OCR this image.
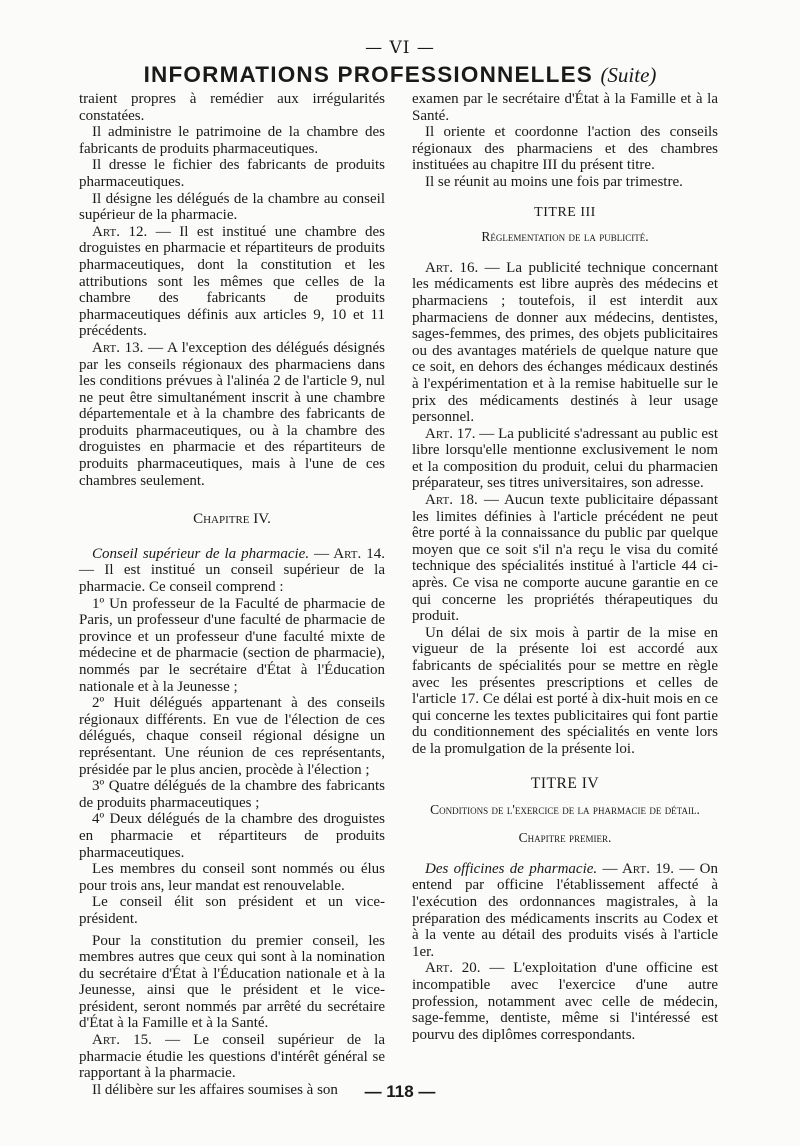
— VI —
INFORMATIONS PROFESSIONNELLES (Suite)

traient propres à remédier aux irrégularités constatées.

Il administre le patrimoine de la chambre des fabricants de produits pharmaceutiques.

Il dresse le fichier des fabricants de produits pharmaceutiques.

Il désigne les délégués de la chambre au conseil supérieur de la pharmacie.

Art. 12. — Il est institué une chambre des droguistes en pharmacie et répartiteurs de produits pharmaceutiques, dont la constitution et les attributions sont les mêmes que celles de la chambre des fabricants de produits pharmaceutiques définis aux articles 9, 10 et 11 précédents.

Art. 13. — A l'exception des délégués désignés par les conseils régionaux des pharmaciens dans les conditions prévues à l'alinéa 2 de l'article 9, nul ne peut être simultanément inscrit à une chambre départementale et à la chambre des fabricants de produits pharmaceutiques, ou à la chambre des droguistes en pharmacie et des répartiteurs de produits pharmaceutiques, mais à l'une de ces chambres seulement.

Chapitre IV.

Conseil supérieur de la pharmacie. — Art. 14. — Il est institué un conseil supérieur de la pharmacie. Ce conseil comprend :

1º Un professeur de la Faculté de pharmacie de Paris, un professeur d'une faculté de pharmacie de province et un professeur d'une faculté mixte de médecine et de pharmacie (section de pharmacie), nommés par le secrétaire d'État à l'Éducation nationale et à la Jeunesse ;

2º Huit délégués appartenant à des conseils régionaux différents. En vue de l'élection de ces délégués, chaque conseil régional désigne un représentant. Une réunion de ces représentants, présidée par le plus ancien, procède à l'élection ;

3º Quatre délégués de la chambre des fabricants de produits pharmaceutiques ;

4º Deux délégués de la chambre des droguistes en pharmacie et répartiteurs de produits pharmaceutiques.

Les membres du conseil sont nommés ou élus pour trois ans, leur mandat est renouvelable.

Le conseil élit son président et un vice-président.

Pour la constitution du premier conseil, les membres autres que ceux qui sont à la nomination du secrétaire d'État à l'Éducation nationale et à la Jeunesse, ainsi que le président et le vice-président, seront nommés par arrêté du secrétaire d'État à la Famille et à la Santé.

Art. 15. — Le conseil supérieur de la pharmacie étudie les questions d'intérêt général se rapportant à la pharmacie.

Il délibère sur les affaires soumises à son

examen par le secrétaire d'État à la Famille et à la Santé.

Il oriente et coordonne l'action des conseils régionaux des pharmaciens et des chambres instituées au chapitre III du présent titre.

Il se réunit au moins une fois par trimestre.

TITRE III

Réglementation de la publicité.

Art. 16. — La publicité technique concernant les médicaments est libre auprès des médecins et pharmaciens ; toutefois, il est interdit aux pharmaciens de donner aux médecins, dentistes, sages-femmes, des primes, des objets publicitaires ou des avantages matériels de quelque nature que ce soit, en dehors des échanges médicaux destinés à l'expérimentation et à la remise habituelle sur le prix des médicaments destinés à leur usage personnel.

Art. 17. — La publicité s'adressant au public est libre lorsqu'elle mentionne exclusivement le nom et la composition du produit, celui du pharmacien préparateur, ses titres universitaires, son adresse.

Art. 18. — Aucun texte publicitaire dépassant les limites définies à l'article précédent ne peut être porté à la connaissance du public par quelque moyen que ce soit s'il n'a reçu le visa du comité technique des spécialités institué à l'article 44 ci-après. Ce visa ne comporte aucune garantie en ce qui concerne les propriétés thérapeutiques du produit.

Un délai de six mois à partir de la mise en vigueur de la présente loi est accordé aux fabricants de spécialités pour se mettre en règle avec les présentes prescriptions et celles de l'article 17. Ce délai est porté à dix-huit mois en ce qui concerne les textes publicitaires qui font partie du conditionnement des spécialités en vente lors de la promulgation de la présente loi.

TITRE IV

Conditions de l'exercice de la pharmacie de détail.

Chapitre premier.

Des officines de pharmacie. — Art. 19. — On entend par officine l'établissement affecté à l'exécution des ordonnances magistrales, à la préparation des médicaments inscrits au Codex et à la vente au détail des produits visés à l'article 1er.

Art. 20. — L'exploitation d'une officine est incompatible avec l'exercice d'une autre profession, notamment avec celle de médecin, sage-femme, dentiste, même si l'intéressé est pourvu des diplômes correspondants.

— 118 —
